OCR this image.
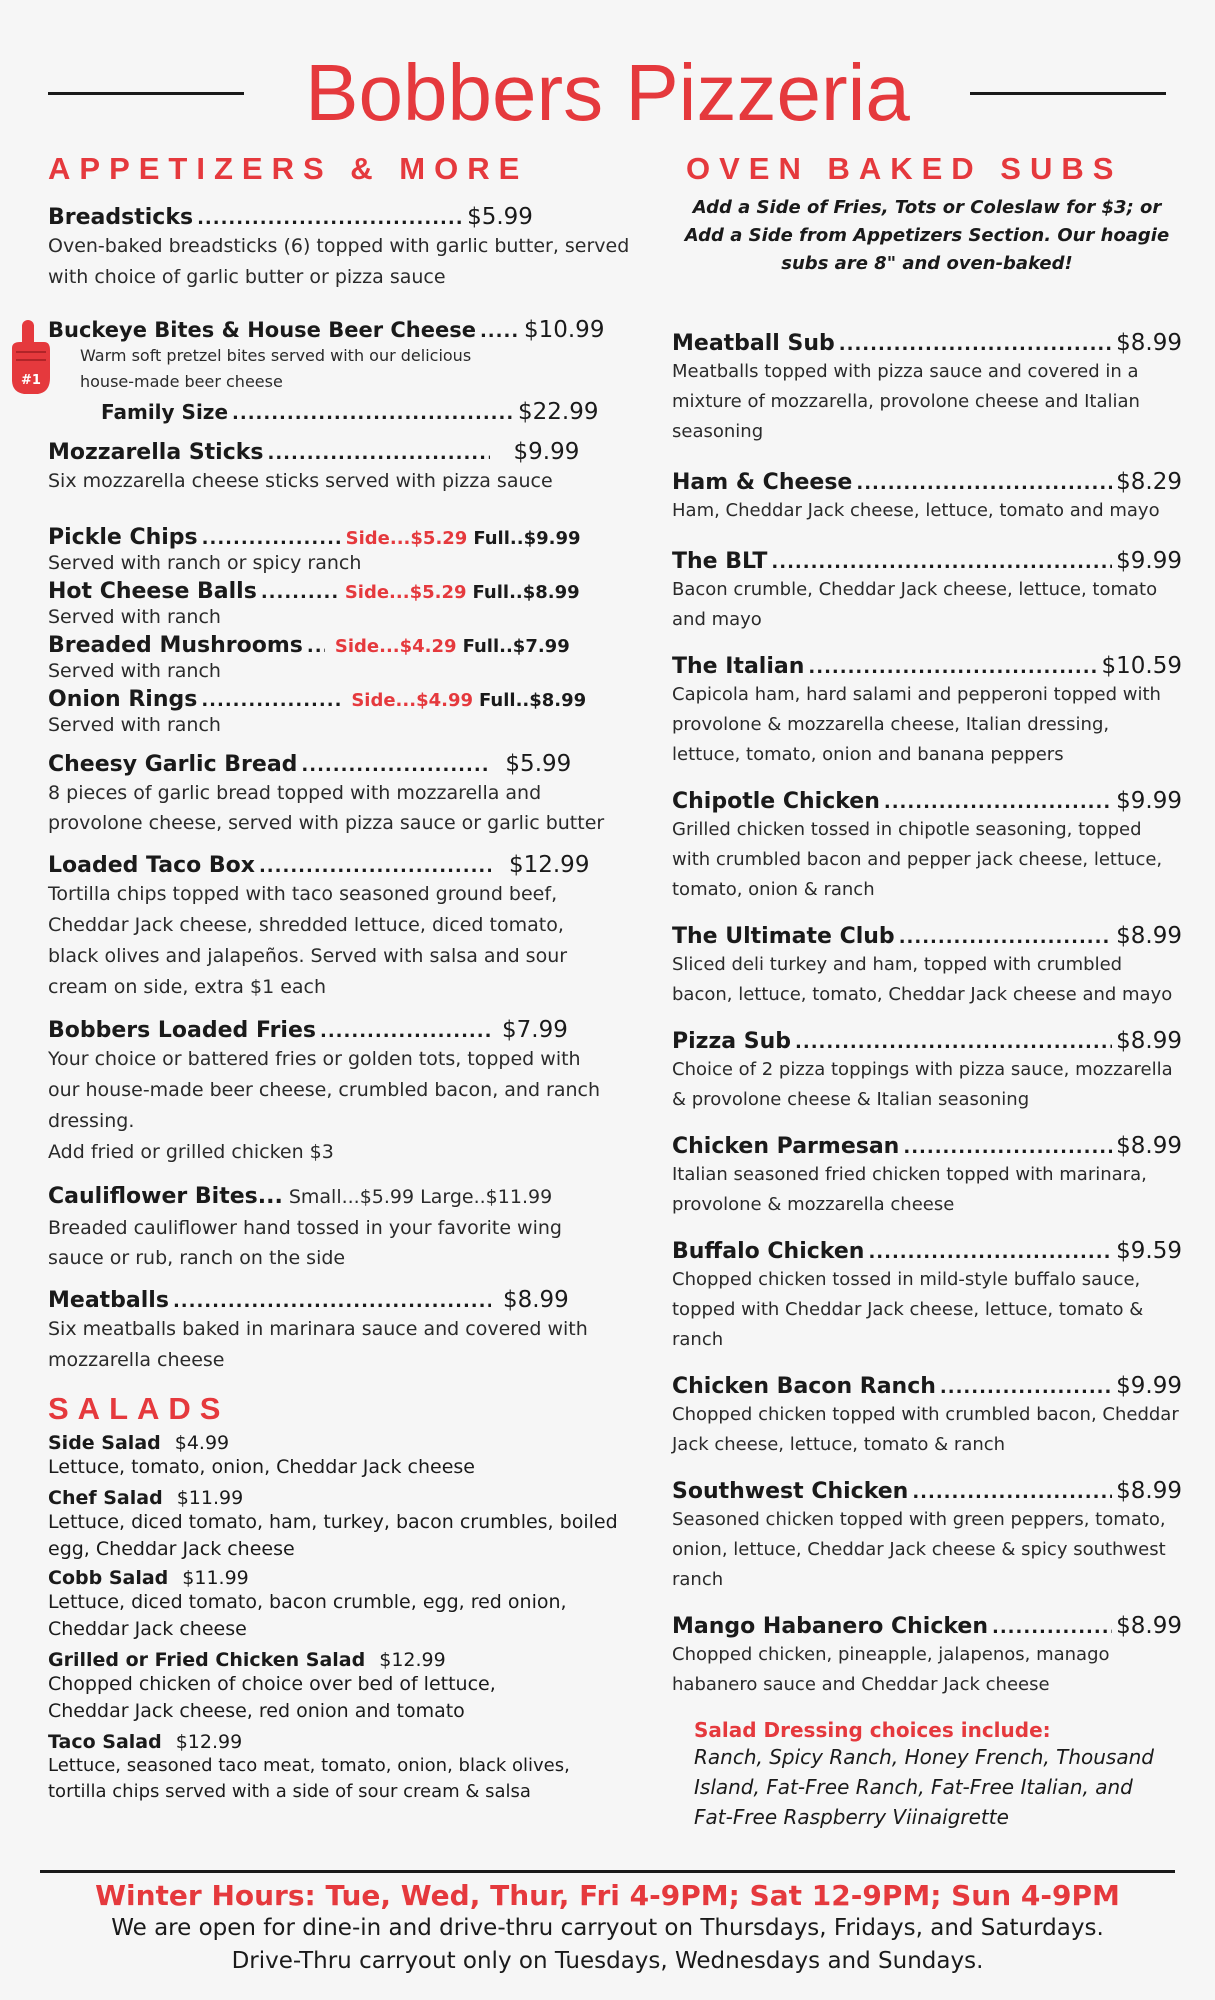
Bobbers Pizzeria
#1
APPETIZERS & MORE
Breadsticks .....	$5.99
Oven-baked breadsticks (6) topped with garlic butter, served with choice of garlic butter or pizza sauce
Buckeye Bites & House Beer Cheese ..... $10.99
Warm soft pretzel bites served with our delicious house-made beer cheese
Family Size .....	$22.99
Mozzarella Sticks .....	$9.99
Six mozzarella cheese sticks served with pizza sauce
Pickle Chips .....	Side...$5.29 Full..$9.99
Served with ranch or spicy ranch
Hot Cheese Balls .....	Side...$5.29 Full..$8.99
Served with ranch
Breaded Mushrooms ..... Side...$4.29 Full..$7.99
Served with ranch
Onion Rings .....	Side...$4.99 Full..$8.99
Served with ranch
Cheesy Garlic Bread .....	$5.99
8 pieces of garlic bread topped with mozzarella and provolone cheese, served with pizza sauce or garlic butter
Loaded Taco Box .....	$12.99
Tortilla chips topped with taco seasoned ground beef, Cheddar Jack cheese, shredded lettuce, diced tomato, black olives and jalapeños. Served with salsa and sour cream on side, extra $1 each
Bobbers Loaded Fries .....	$7.99
Your choice or battered fries or golden tots, topped with our house-made beer cheese, crumbled bacon, and ranch dressing.
Add fried or grilled chicken $3
Cauliflower Bites... Small...$5.99 Large..$11.99
Breaded cauliflower hand tossed in your favorite wing sauce or rub, ranch on the side
Meatballs .....	$8.99
Six meatballs baked in marinara sauce and covered with mozzarella cheese
SALADS
Side Salad $4.99
Lettuce, tomato, onion, Cheddar Jack cheese
Chef Salad $11.99
Lettuce, diced tomato, ham, turkey, bacon crumbles, boiled egg, Cheddar Jack cheese
Cobb Salad $11.99
Lettuce, diced tomato, bacon crumble, egg, red onion, Cheddar Jack cheese
Grilled or Fried Chicken Salad $12.99
Chopped chicken of choice over bed of lettuce, Cheddar Jack cheese, red onion and tomato
Taco Salad $12.99
Lettuce, seasoned taco meat, tomato, onion, black olives, tortilla chips served with a side of sour cream & salsa
OVEN BAKED SUBS
Add a Side of Fries, Tots or Coleslaw for $3; or Add a Side from Appetizers Section. Our hoagie subs are 8" and oven-baked!
Meatball Sub .....	$8.99
Meatballs topped with pizza sauce and covered in a mixture of mozzarella, provolone cheese and Italian seasoning
Ham & Cheese .....	$8.29
Ham, Cheddar Jack cheese, lettuce, tomato and mayo
The BLT .....	$9.99
Bacon crumble, Cheddar Jack cheese, lettuce, tomato and mayo
The Italian .....	$10.59
Capicola ham, hard salami and pepperoni topped with provolone & mozzarella cheese, Italian dressing, lettuce, tomato, onion and banana peppers
Chipotle Chicken .....	$9.99
Grilled chicken tossed in chipotle seasoning, topped with crumbled bacon and pepper jack cheese, lettuce, tomato, onion & ranch
The Ultimate Club .....	$8.99
Sliced deli turkey and ham, topped with crumbled bacon, lettuce, tomato, Cheddar Jack cheese and mayo
Pizza Sub .....	$8.99
Choice of 2 pizza toppings with pizza sauce, mozzarella & provolone cheese & Italian seasoning
Chicken Parmesan .....	$8.99
Italian seasoned fried chicken topped with marinara, provolone & mozzarella cheese
Buffalo Chicken .....	$9.59
Chopped chicken tossed in mild-style buffalo sauce, topped with Cheddar Jack cheese, lettuce, tomato & ranch
Chicken Bacon Ranch .....	$9.99
Chopped chicken topped with crumbled bacon, Cheddar Jack cheese, lettuce, tomato & ranch
Southwest Chicken .....	$8.99
Seasoned chicken topped with green peppers, tomato, onion, lettuce, Cheddar Jack cheese & spicy southwest ranch
Mango Habanero Chicken .....	$8.99
Chopped chicken, pineapple, jalapenos, manago habanero sauce and Cheddar Jack cheese
Salad Dressing choices include:
Ranch, Spicy Ranch, Honey French, Thousand Island, Fat-Free Ranch, Fat-Free Italian, and Fat-Free Raspberry Viinaigrette
Winter Hours: Tue, Wed, Thur, Fri 4-9PM; Sat 12-9PM; Sun 4-9PM
We are open for dine-in and drive-thru carryout on Thursdays, Fridays, and Saturdays.
Drive-Thru carryout only on Tuesdays, Wednesdays and Sundays.
